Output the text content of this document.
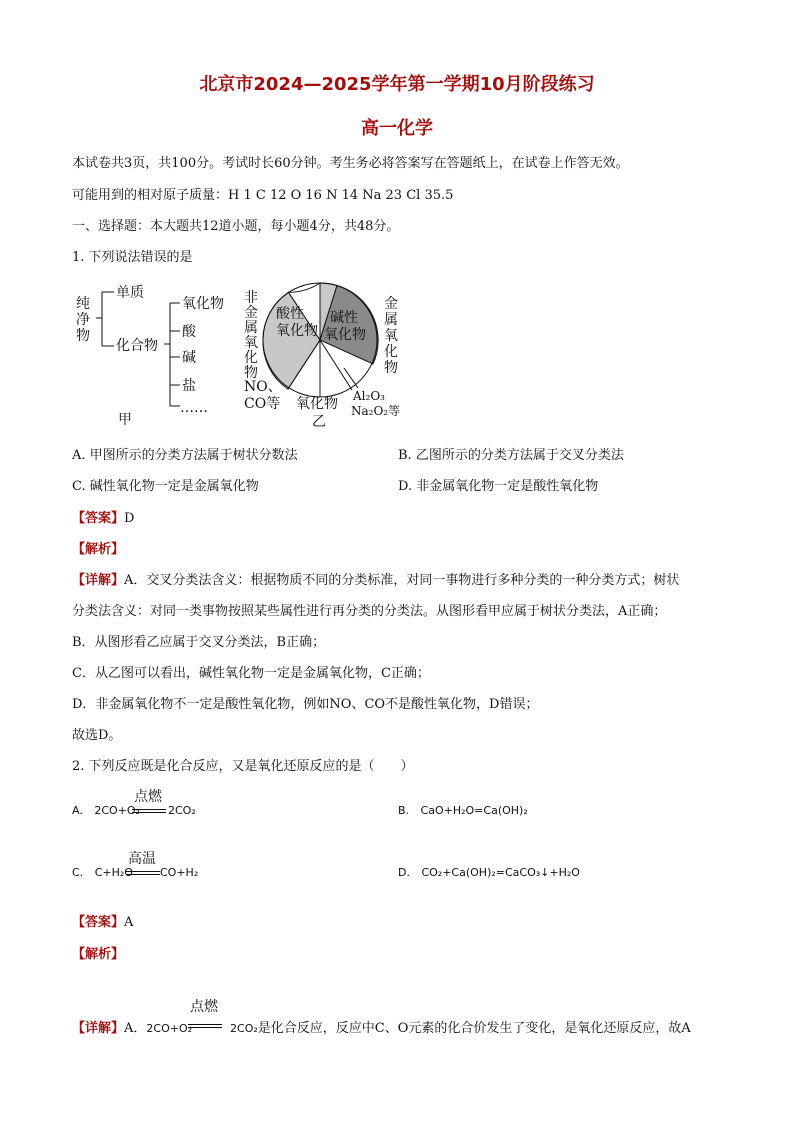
北京市2024—2025学年第一学期10月阶段练习
高一化学
本试卷共3页，共100分。考试时长60分钟。考生务必将答案写在答题纸上，在试卷上作答无效。
可能用到的相对原子质量：H 1 C 12 O 16 N 14 Na 23 Cl 35.5
一、选择题：本大题共12道小题，每小题4分，共48分。
1. 下列说法错误的是
纯
净
物
单质
化合物
氧化物
酸
碱
盐
……
甲
酸性
氧化物
碱性
氧化物
非
金
属
氧
化
物
金
属
氧
化
物
NO、
CO等 氧化物 Al₂O₃
Na₂O₂等
乙
A. 甲图所示的分类方法属于树状分数法	B. 乙图所示的分类方法属于交叉分类法
C. 碱性氧化物一定是金属氧化物	D. 非金属氧化物一定是酸性氧化物
【答案】D
【解析】
【详解】A．交叉分类法含义：根据物质不同的分类标准，对同一事物进行多种分类的一种分类方式；树状
分类法含义：对同一类事物按照某些属性进行再分类的分类法。从图形看甲应属于树状分类法，A正确；
B．从图形看乙应属于交叉分类法，B正确；
C．从乙图可以看出，碱性氧化物一定是金属氧化物，C正确；
D．非金属氧化物不一定是酸性氧化物，例如NO、CO不是酸性氧化物，D错误；
故选D。
2. 下列反应既是化合反应，又是氧化还原反应的是（　　）
A. 2CO+O₂
点燃
2CO₂	B. CaO+H₂O=Ca(OH)₂
C. C+H₂O
高温
CO+H₂	D. CO₂+Ca(OH)₂=CaCO₃↓+H₂O
【答案】A
【解析】
【详解】A．2CO+O₂	2CO₂是化合反应，反应中C、O元素的化合价发生了变化，是氧化还原反应，故A
点燃
